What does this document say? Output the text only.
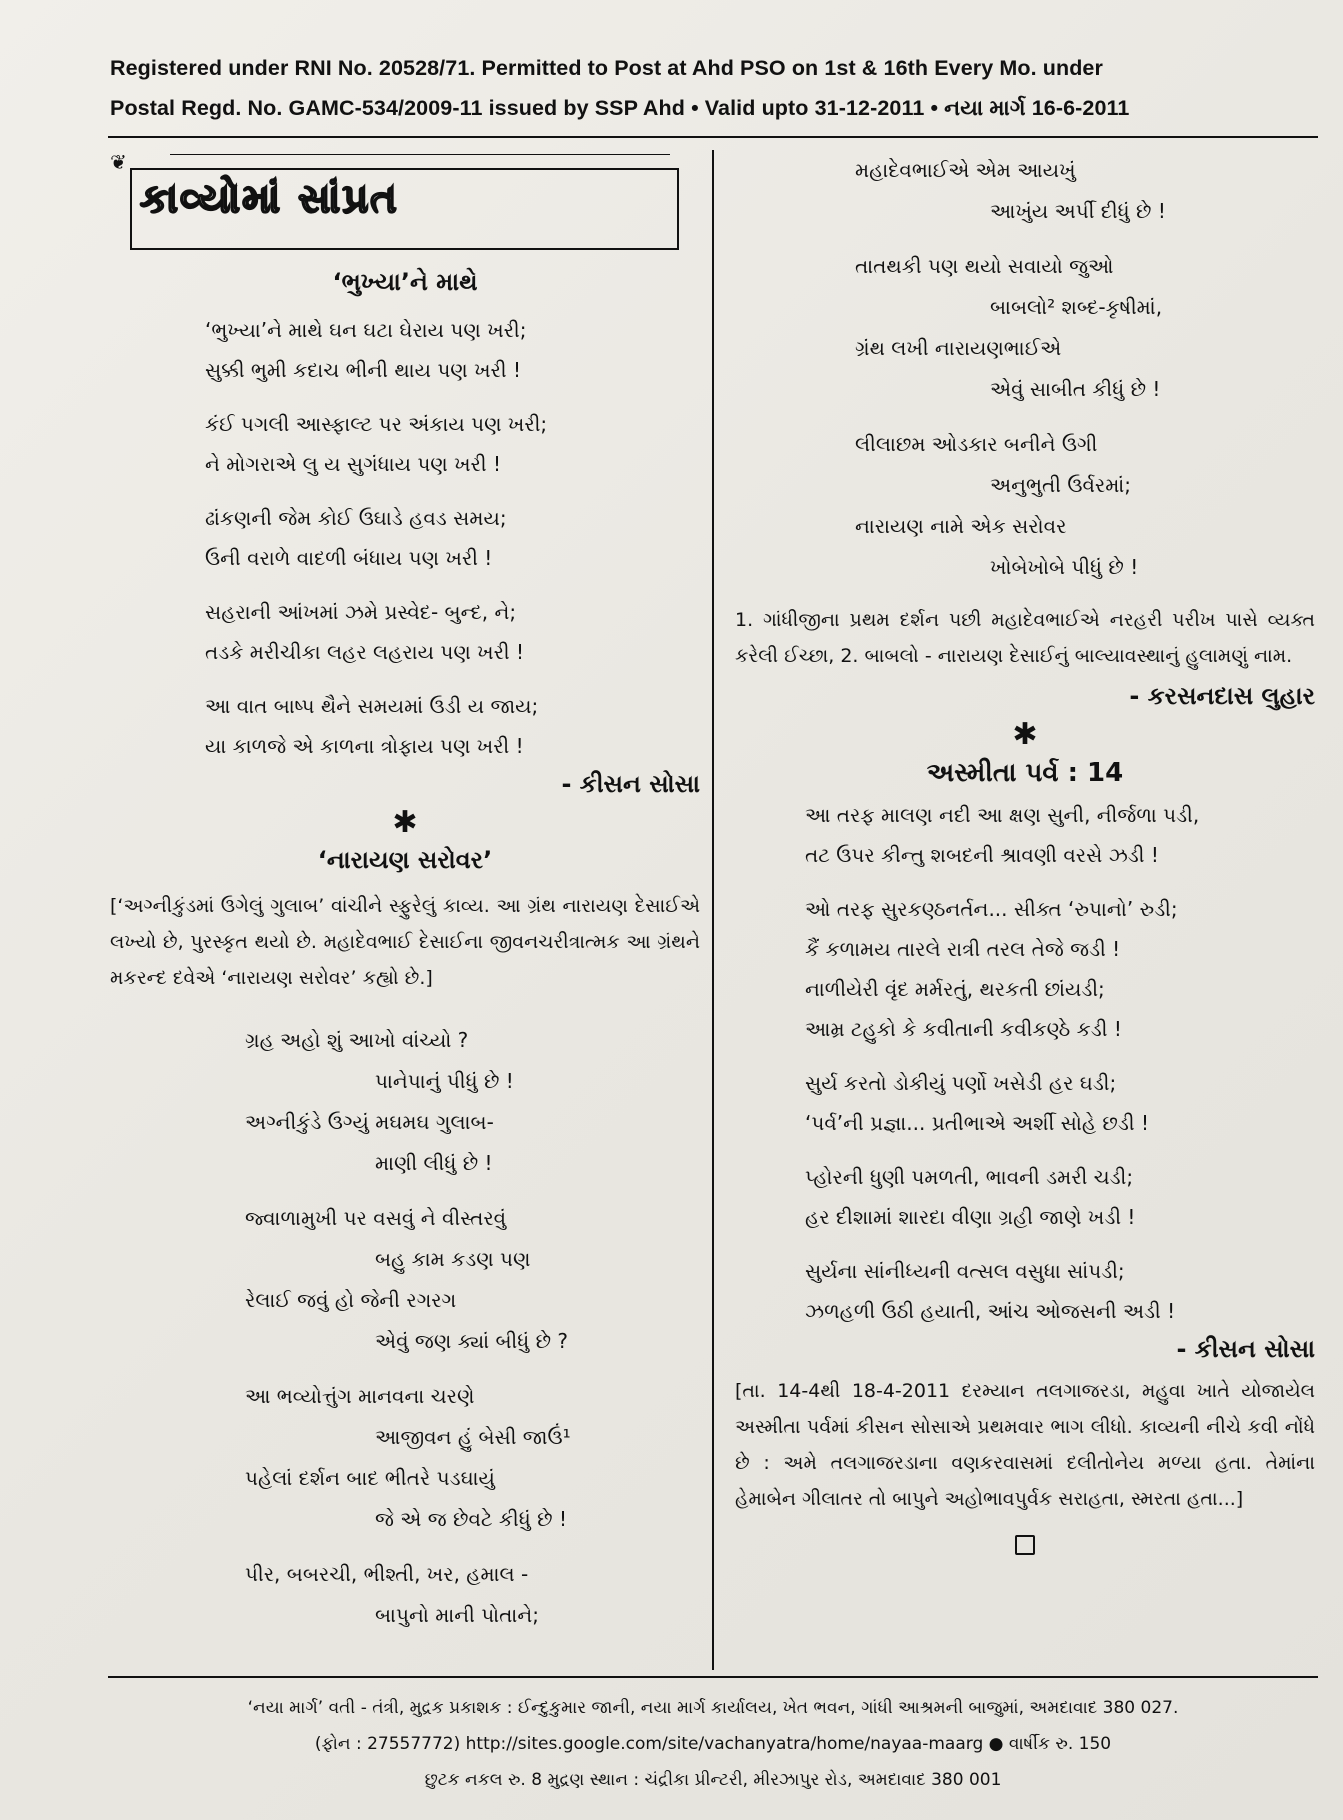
Registered under RNI No. 20528/71. Permitted to Post at Ahd PSO on 1st & 16th Every Mo. under
Postal Regd. No. GAMC-534/2009-11 issued by SSP Ahd • Valid upto 31-12-2011 • નયા માર્ગ 16-6-2011
❦
કાવ્યોમાં સાંપ્રત
‘ભુખ્યા’ને માથે

‘ભુખ્યા’ને માથે ઘન ઘટા ઘેરાય પણ ખરી;

સુક્કી ભુમી કદાચ ભીની થાય પણ ખરી !

કંઈ પગલી આસ્ફાલ્ટ પર અંકાય પણ ખરી;

ને મોગરાએ લુ ય સુગંધાય પણ ખરી !

ઢાંકણની જેમ કોઈ ઉઘાડે હવડ સમય;

ઉની વરાળે વાદળી બંધાય પણ ખરી !

સહરાની આંખમાં ઝમે પ્રસ્વેદ- બુન્દ, ને;

તડકે મરીચીકા લહર લહરાય પણ ખરી !

આ વાત બાષ્પ થૈને સમયમાં ઉડી ય જાય;

યા કાળજે એ કાળના ત્રોફાય પણ ખરી !

- કીસન સોસા
✱
‘નારાયણ સરોવર’

[‘અગ્નીકુંડમાં ઉગેલું ગુલાબ’ વાંચીને સ્ફુરેલું કાવ્ય. આ ગ્રંથ નારાયણ દેસાઈએ લખ્યો છે, પુરસ્કૃત થયો છે. મહાદેવભાઈ દેસાઈના જીવનચરીત્રાત્મક આ ગ્રંથને મકરન્દ દવેએ ‘નારાયણ સરોવર’ કહ્યો છે.]

ગ્રહ અહો શું આખો વાંચ્યો ?

પાનેપાનું પીધું છે !

અગ્નીકુંડે ઉગ્યું મઘમઘ ગુલાબ-

માણી લીધું છે !

જ્વાળામુખી પર વસવું ને વીસ્તરવું

બહુ કામ કડણ પણ

રેલાઈ જવું હો જેની રગરગ

એવું જણ ક્યાં બીધું છે ?

આ ભવ્યોત્તુંગ માનવના ચરણે

આજીવન હું બેસી જાઉં¹

પહેલાં દર્શન બાદ ભીતરે પડઘાયું

જે એ જ છેવટે કીધું છે !

પીર, બબરચી, ભીશ્તી, ખર, હમાલ -

બાપુનો માની પોતાને;

મહાદેવભાઈએ એમ આયખું

આખુંય અર્પી દીધું છે !

તાતથકી પણ થયો સવાયો જુઓ

બાબલો² શબ્દ-કૃષીમાં,

ગ્રંથ લખી નારાયણભાઈએ

એવું સાબીત કીધું છે !

લીલાછમ ઓડકાર બનીને ઉગી

અનુભુતી ઉર્વરમાં;

નારાયણ નામે એક સરોવર

ખોબેખોબે પીધું છે !

1. ગાંધીજીના પ્રથમ દર્શન પછી મહાદેવભાઈએ નરહરી પરીખ પાસે વ્યક્ત કરેલી ઈચ્છા, 2. બાબલો - નારાયણ દેસાઈનું બાલ્યાવસ્થાનું હુલામણું નામ.

- કરસનદાસ લુહાર
✱
અસ્મીતા પર્વ : 14

આ તરફ માલણ નદી આ ક્ષણ સુની, નીર્જળા પડી,

તટ ઉપર કીન્તુ શબદની શ્રાવણી વરસે ઝડી !

ઓ તરફ સુરકણ્ઠનર્તન... સીક્ત ‘રુપાનો’ રુડી;

કૈં કળામય તારલે રાત્રી તરલ તેજે જડી !

નાળીયેરી વૃંદ મર્મરતું, થરકતી છાંયડી;

આમ્ર ટહુકો કે કવીતાની કવીકણ્ઠે કડી !

સુર્ય કરતો ડોકીયું પર્ણો ખસેડી હર ઘડી;

‘પર્વ’ની પ્રજ્ઞા... પ્રતીભાએ અર્શી સોહે છડી !

પ્હોરની ધુણી પમળતી, ભાવની ડમરી ચડી;

હર દીશામાં શારદા વીણા ગ્રહી જાણે ખડી !

સુર્યના સાંનીધ્યની વત્સલ વસુધા સાંપડી;

ઝળહળી ઉઠી હયાતી, આંચ ઓજસની અડી !

- કીસન સોસા

[તા. 14-4થી 18-4-2011 દરમ્યાન તલગાજરડા, મહુવા ખાતે યોજાયેલ અસ્મીતા પર્વમાં કીસન સોસાએ પ્રથમવાર ભાગ લીધો. કાવ્યની નીચે કવી નોંધે છે : અમે તલગાજરડાના વણકરવાસમાં દલીતોનેય મળ્યા હતા. તેમાંના હેમાબેન ગીલાતર તો બાપુને અહોભાવપુર્વક સરાહતા, સ્મરતા હતા...]

‘નયા માર્ગ’ વતી - તંત્રી, મુદ્રક પ્રકાશક : ઈન્દુકુમાર જાની, નયા માર્ગ કાર્યાલય, ખેત ભવન, ગાંધી આશ્રમની બાજુમાં, અમદાવાદ 380 027.
(ફોન : 27557772) http://sites.google.com/site/vachanyatra/home/nayaa-maarg ● વાર્ષીક રુ. 150
છુટક નકલ રુ. 8 મુદ્રણ સ્થાન : ચંદ્રીકા પ્રીન્ટરી, મીરઝાપુર રોડ, અમદાવાદ 380 001
